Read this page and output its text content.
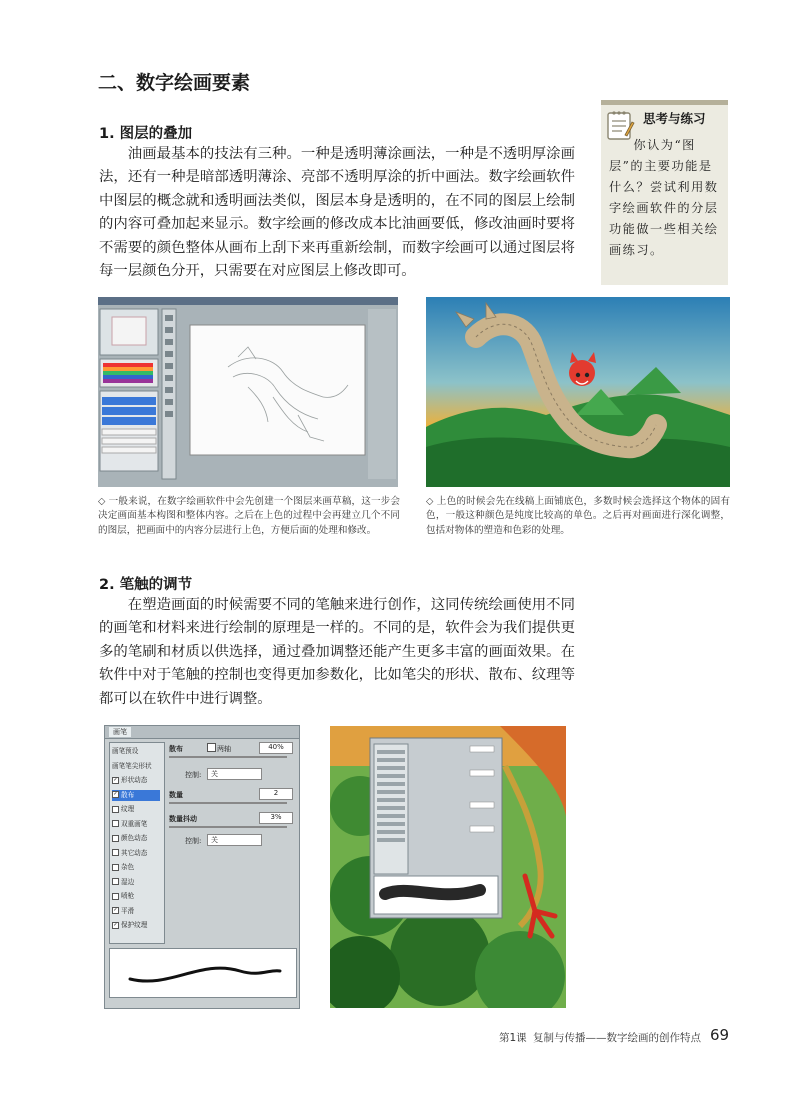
二、数字绘画要素
1. 图层的叠加
油画最基本的技法有三种。一种是透明薄涂画法，一种是不透明厚涂画法，还有一种是暗部透明薄涂、亮部不透明厚涂的折中画法。数字绘画软件中图层的概念就和透明画法类似，图层本身是透明的，在不同的图层上绘制的内容可叠加起来显示。数字绘画的修改成本比油画要低，修改油画时要将不需要的颜色整体从画布上刮下来再重新绘制，而数字绘画可以通过图层将每一层颜色分开，只需要在对应图层上修改即可。
思考与练习
你认为“图层”的主要功能是什么？尝试利用数字绘画软件的分层功能做一些相关绘画练习。
◇ 一般来说，在数字绘画软件中会先创建一个图层来画草稿，这一步会决定画面基本构图和整体内容。之后在上色的过程中会再建立几个不同的图层，把画面中的内容分层进行上色，方便后面的处理和修改。
◇ 上色的时候会先在线稿上面铺底色，多数时候会选择这个物体的固有色，一般这种颜色是纯度比较高的单色。之后再对画面进行深化调整，包括对物体的塑造和色彩的处理。
2. 笔触的调节
在塑造画面的时候需要不同的笔触来进行创作，这同传统绘画使用不同的画笔和材料来进行绘制的原理是一样的。不同的是，软件会为我们提供更多的笔刷和材质以供选择，通过叠加调整还能产生更多丰富的画面效果。在软件中对于笔触的控制也变得更加参数化，比如笔尖的形状、散布、纹理等都可以在软件中进行调整。
画笔
画笔预设
画笔笔尖形状
✓ 形状动态
✓ 散布
纹理
双重画笔
颜色动态
其它动态
杂色
湿边
喷枪
✓ 平滑
✓ 保护纹理
散布	两轴	40%
控制:	关
数量	2
数量抖动	3%
控制:	关
第1课 复制与传播——数字绘画的创作特点 69
